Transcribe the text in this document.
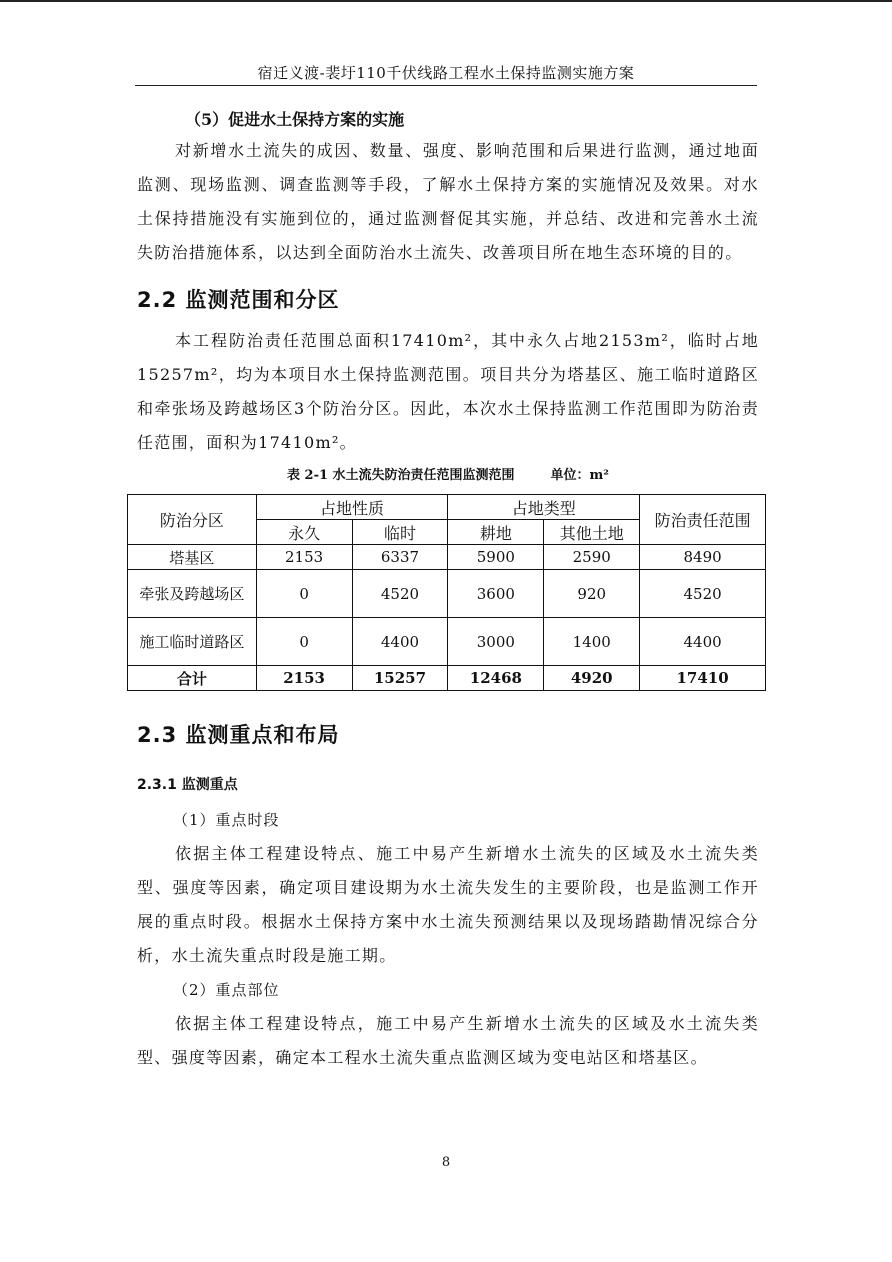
宿迁义渡-裴圩110千伏线路工程水土保持监测实施方案

（5）促进水土保持方案的实施

对新增水土流失的成因、数量、强度、影响范围和后果进行监测，通过地面监测、现场监测、调查监测等手段，了解水土保持方案的实施情况及效果。对水土保持措施没有实施到位的，通过监测督促其实施，并总结、改进和完善水土流失防治措施体系，以达到全面防治水土流失、改善项目所在地生态环境的目的。

2.2 监测范围和分区

本工程防治责任范围总面积17410m²，其中永久占地2153m²，临时占地15257m²，均为本项目水土保持监测范围。项目共分为塔基区、施工临时道路区和牵张场及跨越场区3个防治分区。因此，本次水土保持监测工作范围即为防治责任范围，面积为17410m²。

表 2-1 水土流失防治责任范围监测范围	单位：m²
防治分区	占地性质		占地类型		防治责任范围
	永久	临时	耕地	其他土地	
塔基区	2153	6337	5900	2590	8490
牵张及跨越场区	0	4520	3600	920	4520
施工临时道路区	0	4400	3000	1400	4400
合计	2153	15257	12468	4920	17410
2.3 监测重点和布局
2.3.1 监测重点

（1）重点时段

依据主体工程建设特点、施工中易产生新增水土流失的区域及水土流失类型、强度等因素，确定项目建设期为水土流失发生的主要阶段，也是监测工作开展的重点时段。根据水土保持方案中水土流失预测结果以及现场踏勘情况综合分析，水土流失重点时段是施工期。

（2）重点部位

依据主体工程建设特点，施工中易产生新增水土流失的区域及水土流失类型、强度等因素，确定本工程水土流失重点监测区域为变电站区和塔基区。

8
